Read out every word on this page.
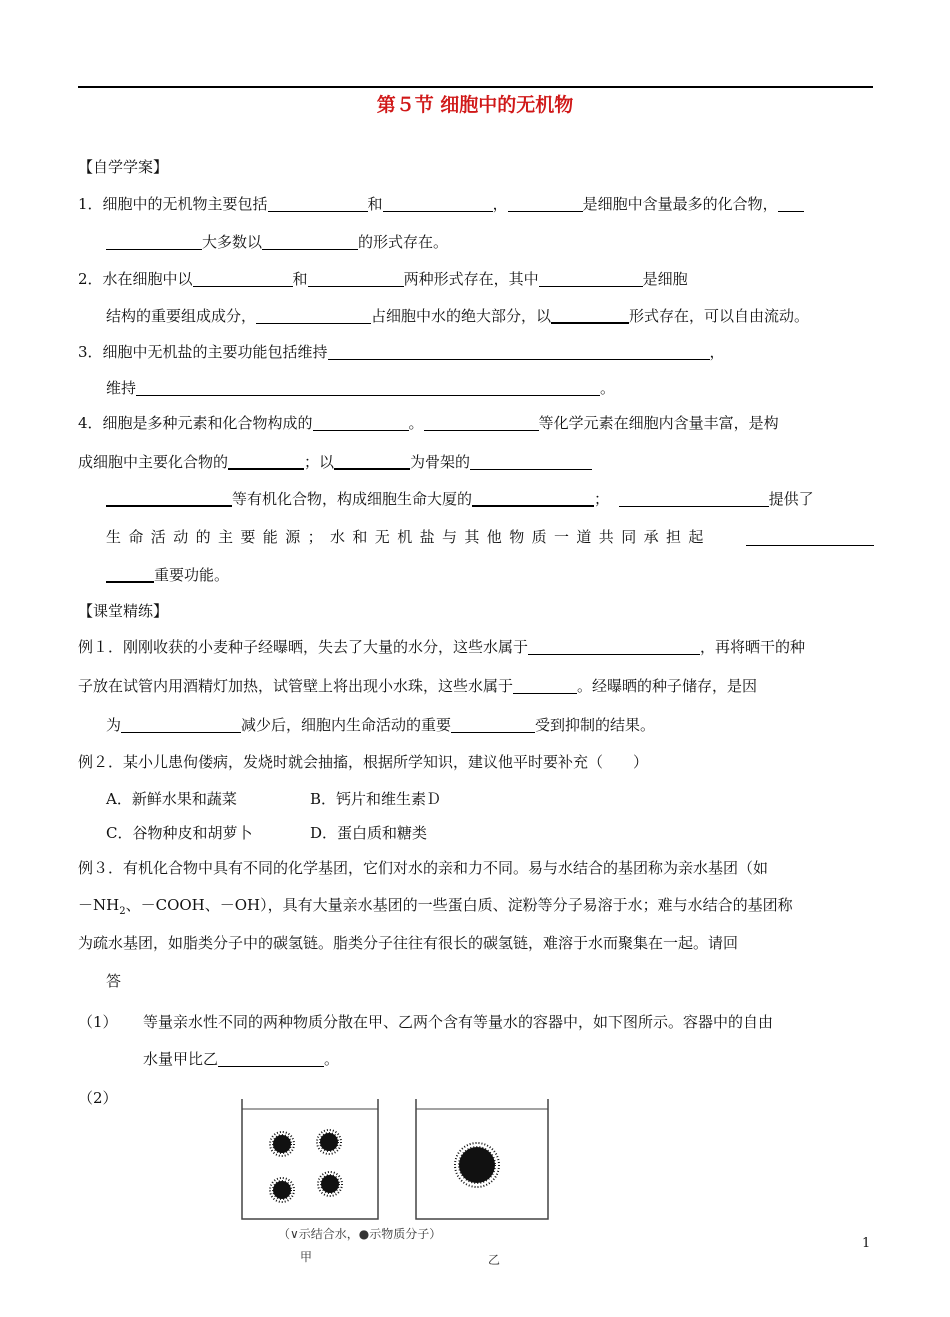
第５节 细胞中的无机物
【自学学案】
1．细胞中的无机物主要包括	和	，	是细胞中含量最多的化合物，
大多数以	的形式存在。
2．水在细胞中以	和	两种形式存在，其中	是细胞
结构的重要组成成分，	占细胞中水的绝大部分，以	形式存在，可以自由流动。
3．细胞中无机盐的主要功能包括维持	，
维持	。
4．细胞是多种元素和化合物构成的	。	等化学元素在细胞内含量丰富，是构
成细胞中主要化合物的	；以	为骨架的
等有机化合物，构成细胞生命大厦的	；	提供了
生命活动的主要能源；水和无机盐与其他物质一道共同承担起
重要功能。
【课堂精练】
例１．刚刚收获的小麦种子经曝晒，失去了大量的水分，这些水属于	，再将晒干的种
子放在试管内用酒精灯加热，试管壁上将出现小水珠，这些水属于	。经曝晒的种子储存，是因
为	减少后，细胞内生命活动的重要	受到抑制的结果。
例２．某小儿患佝偻病，发烧时就会抽搐，根据所学知识，建议他平时要补充（　　）
A．新鲜水果和蔬菜	B．钙片和维生素Ｄ
C．谷物种皮和胡萝卜	D．蛋白质和糖类
例３．有机化合物中具有不同的化学基团，它们对水的亲和力不同。易与水结合的基团称为亲水基团（如
$-NH_2$、－COOH、－OH），具有大量亲水基团的一些蛋白质、淀粉等分子易溶于水；难与水结合的基团称
为疏水基团，如脂类分子中的碳氢链。脂类分子往往有很长的碳氢链，难溶于水而聚集在一起。请回
答
（1） 等量亲水性不同的两种物质分散在甲、乙两个含有等量水的容器中，如下图所示。容器中的自由
水量甲比乙	。
（2）
（∨示结合水，●示物质分子）
甲	乙
1
